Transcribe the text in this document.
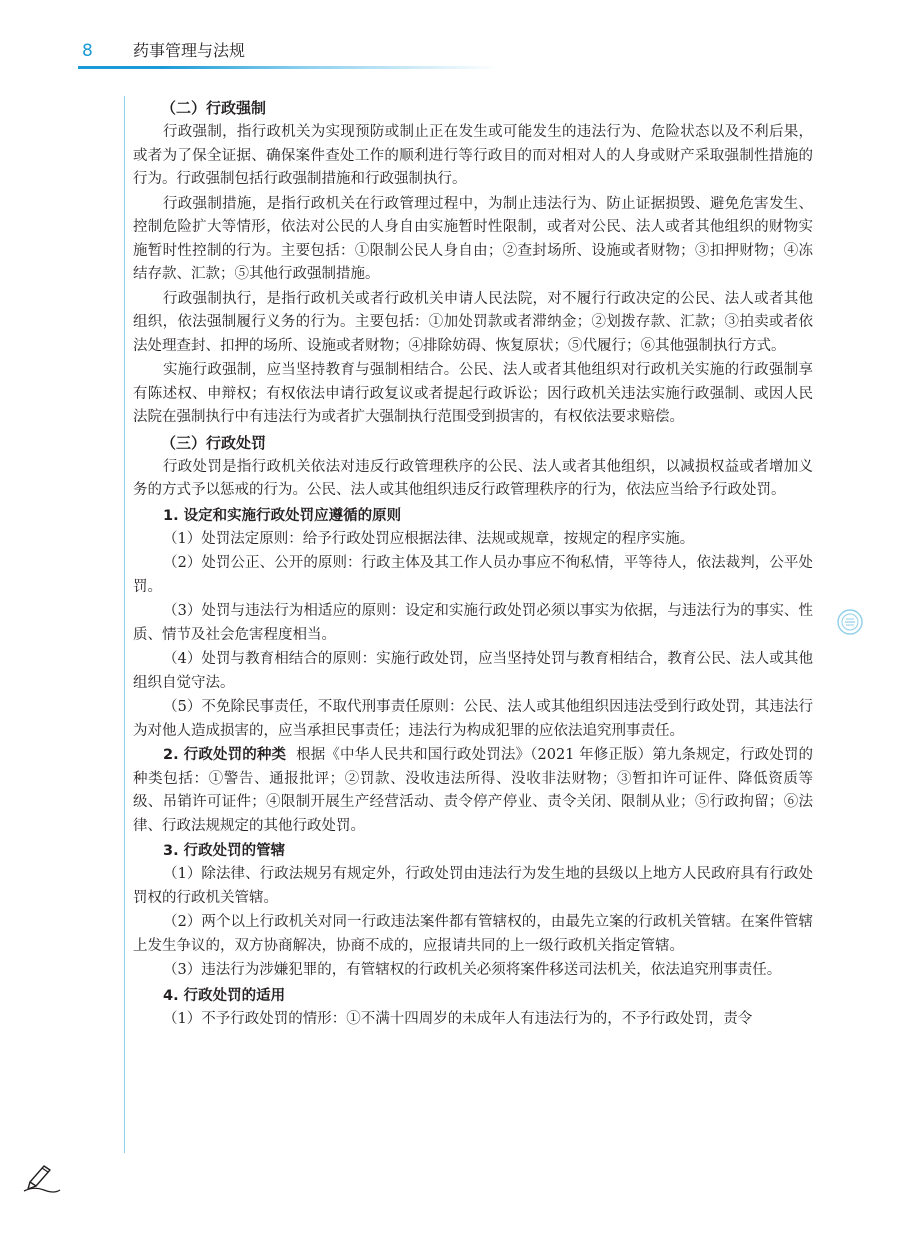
8	药事管理与法规
（二）行政强制

行政强制，指行政机关为实现预防或制止正在发生或可能发生的违法行为、危险状态以及不利后果，或者为了保全证据、确保案件查处工作的顺利进行等行政目的而对相对人的人身或财产采取强制性措施的行为。行政强制包括行政强制措施和行政强制执行。

行政强制措施，是指行政机关在行政管理过程中，为制止违法行为、防止证据损毁、避免危害发生、控制危险扩大等情形，依法对公民的人身自由实施暂时性限制，或者对公民、法人或者其他组织的财物实施暂时性控制的行为。主要包括：①限制公民人身自由；②查封场所、设施或者财物；③扣押财物；④冻结存款、汇款；⑤其他行政强制措施。

行政强制执行，是指行政机关或者行政机关申请人民法院，对不履行行政决定的公民、法人或者其他组织，依法强制履行义务的行为。主要包括：①加处罚款或者滞纳金；②划拨存款、汇款；③拍卖或者依法处理查封、扣押的场所、设施或者财物；④排除妨碍、恢复原状；⑤代履行；⑥其他强制执行方式。

实施行政强制，应当坚持教育与强制相结合。公民、法人或者其他组织对行政机关实施的行政强制享有陈述权、申辩权；有权依法申请行政复议或者提起行政诉讼；因行政机关违法实施行政强制、或因人民法院在强制执行中有违法行为或者扩大强制执行范围受到损害的，有权依法要求赔偿。

（三）行政处罚

行政处罚是指行政机关依法对违反行政管理秩序的公民、法人或者其他组织，以减损权益或者增加义务的方式予以惩戒的行为。公民、法人或其他组织违反行政管理秩序的行为，依法应当给予行政处罚。

1. 设定和实施行政处罚应遵循的原则

（1）处罚法定原则：给予行政处罚应根据法律、法规或规章，按规定的程序实施。

（2）处罚公正、公开的原则：行政主体及其工作人员办事应不徇私情，平等待人，依法裁判，公平处罚。

（3）处罚与违法行为相适应的原则：设定和实施行政处罚必须以事实为依据，与违法行为的事实、性质、情节及社会危害程度相当。

（4）处罚与教育相结合的原则：实施行政处罚，应当坚持处罚与教育相结合，教育公民、法人或其他组织自觉守法。

（5）不免除民事责任，不取代刑事责任原则：公民、法人或其他组织因违法受到行政处罚，其违法行为对他人造成损害的，应当承担民事责任；违法行为构成犯罪的应依法追究刑事责任。

2. 行政处罚的种类 根据《中华人民共和国行政处罚法》（2021 年修正版）第九条规定，行政处罚的种类包括：①警告、通报批评；②罚款、没收违法所得、没收非法财物；③暂扣许可证件、降低资质等级、吊销许可证件；④限制开展生产经营活动、责令停产停业、责令关闭、限制从业；⑤行政拘留；⑥法律、行政法规规定的其他行政处罚。

3. 行政处罚的管辖

（1）除法律、行政法规另有规定外，行政处罚由违法行为发生地的县级以上地方人民政府具有行政处罚权的行政机关管辖。

（2）两个以上行政机关对同一行政违法案件都有管辖权的，由最先立案的行政机关管辖。在案件管辖上发生争议的，双方协商解决，协商不成的，应报请共同的上一级行政机关指定管辖。

（3）违法行为涉嫌犯罪的，有管辖权的行政机关必须将案件移送司法机关，依法追究刑事责任。

4. 行政处罚的适用

（1）不予行政处罚的情形：①不满十四周岁的未成年人有违法行为的，不予行政处罚，责令
